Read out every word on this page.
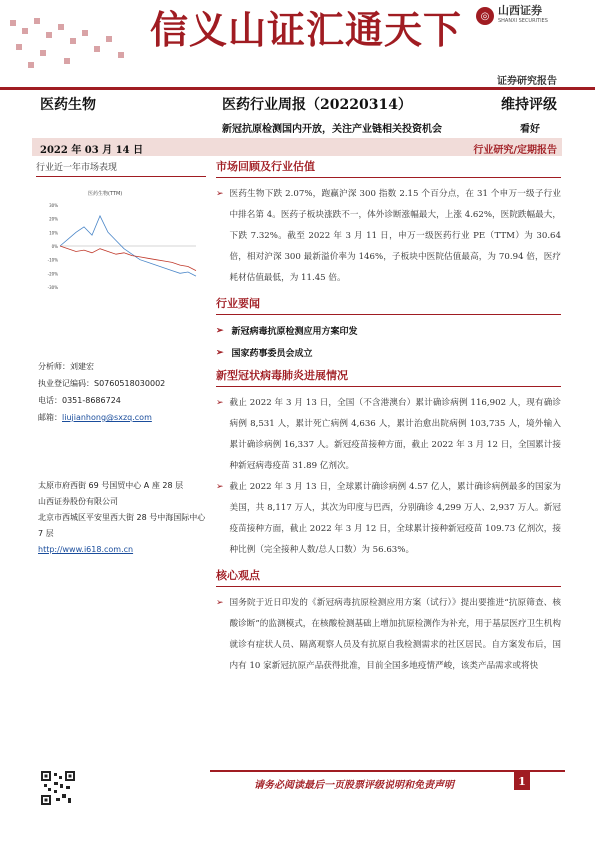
信义山证汇通天下	◎ 山西证券
SHANXI SECURITIES
证券研究报告
医药生物	医药行业周报（20220314）	维持评级
新冠抗原检测国内开放，关注产业链相关投资机会	看好
2022 年 03 月 14 日	行业研究/定期报告
行业近一年市场表现
医药生物(TTM)
30%
20%
10%
0%
-10%
-20%
-30%
分析师：刘建宏
执业登记编码：S0760518030002
电话：0351-8686724
邮箱：liujianhong@sxzq.com
太原市府西街 69 号国贸中心 A 座 28 层
山西证券股份有限公司
北京市西城区平安里西大街 28 号中海国际中心 7 层
http://www.i618.com.cn
市场回顾及行业估值
➢ 医药生物下跌 2.07%，跑赢沪深 300 指数 2.15 个百分点，在 31 个申万一级子行业中排名第 4。医药子板块涨跌不一，体外诊断涨幅最大，上涨 4.62%，医院跌幅最大，下跌 7.32%。截至 2022 年 3 月 11 日，申万一级医药行业 PE（TTM）为 30.64 倍，相对沪深 300 最新溢价率为 146%，子板块中医院估值最高，为 70.94 倍，医疗耗材估值最低，为 11.45 倍。
行业要闻
➢ 新冠病毒抗原检测应用方案印发
➢ 国家药事委员会成立
新型冠状病毒肺炎进展情况
➢ 截止 2022 年 3 月 13 日，全国（不含港澳台）累计确诊病例 116,902 人，现有确诊病例 8,531 人，累计死亡病例 4,636 人，累计治愈出院病例 103,735 人，境外输入累计确诊病例 16,337 人。新冠疫苗接种方面，截止 2022 年 3 月 12 日，全国累计接种新冠病毒疫苗 31.89 亿剂次。
➢ 截止 2022 年 3 月 13 日，全球累计确诊病例 4.57 亿人，累计确诊病例最多的国家为美国，共 8,117 万人，其次为印度与巴西，分别确诊 4,299 万人、2,937 万人。新冠疫苗接种方面，截止 2022 年 3 月 12 日，全球累计接种新冠疫苗 109.73 亿剂次，接种比例（完全接种人数/总人口数）为 56.63%。
核心观点
➢ 国务院于近日印发的《新冠病毒抗原检测应用方案（试行）》提出要推进“抗原筛查、核酸诊断”的监测模式，在核酸检测基础上增加抗原检测作为补充，用于基层医疗卫生机构就诊有症状人员、隔离观察人员及有抗原自我检测需求的社区居民。自方案发布后，国内有 10 家新冠抗原产品获得批准，目前全国多地疫情严峻，该类产品需求或将快
请务必阅读最后一页股票评级说明和免责声明	1
